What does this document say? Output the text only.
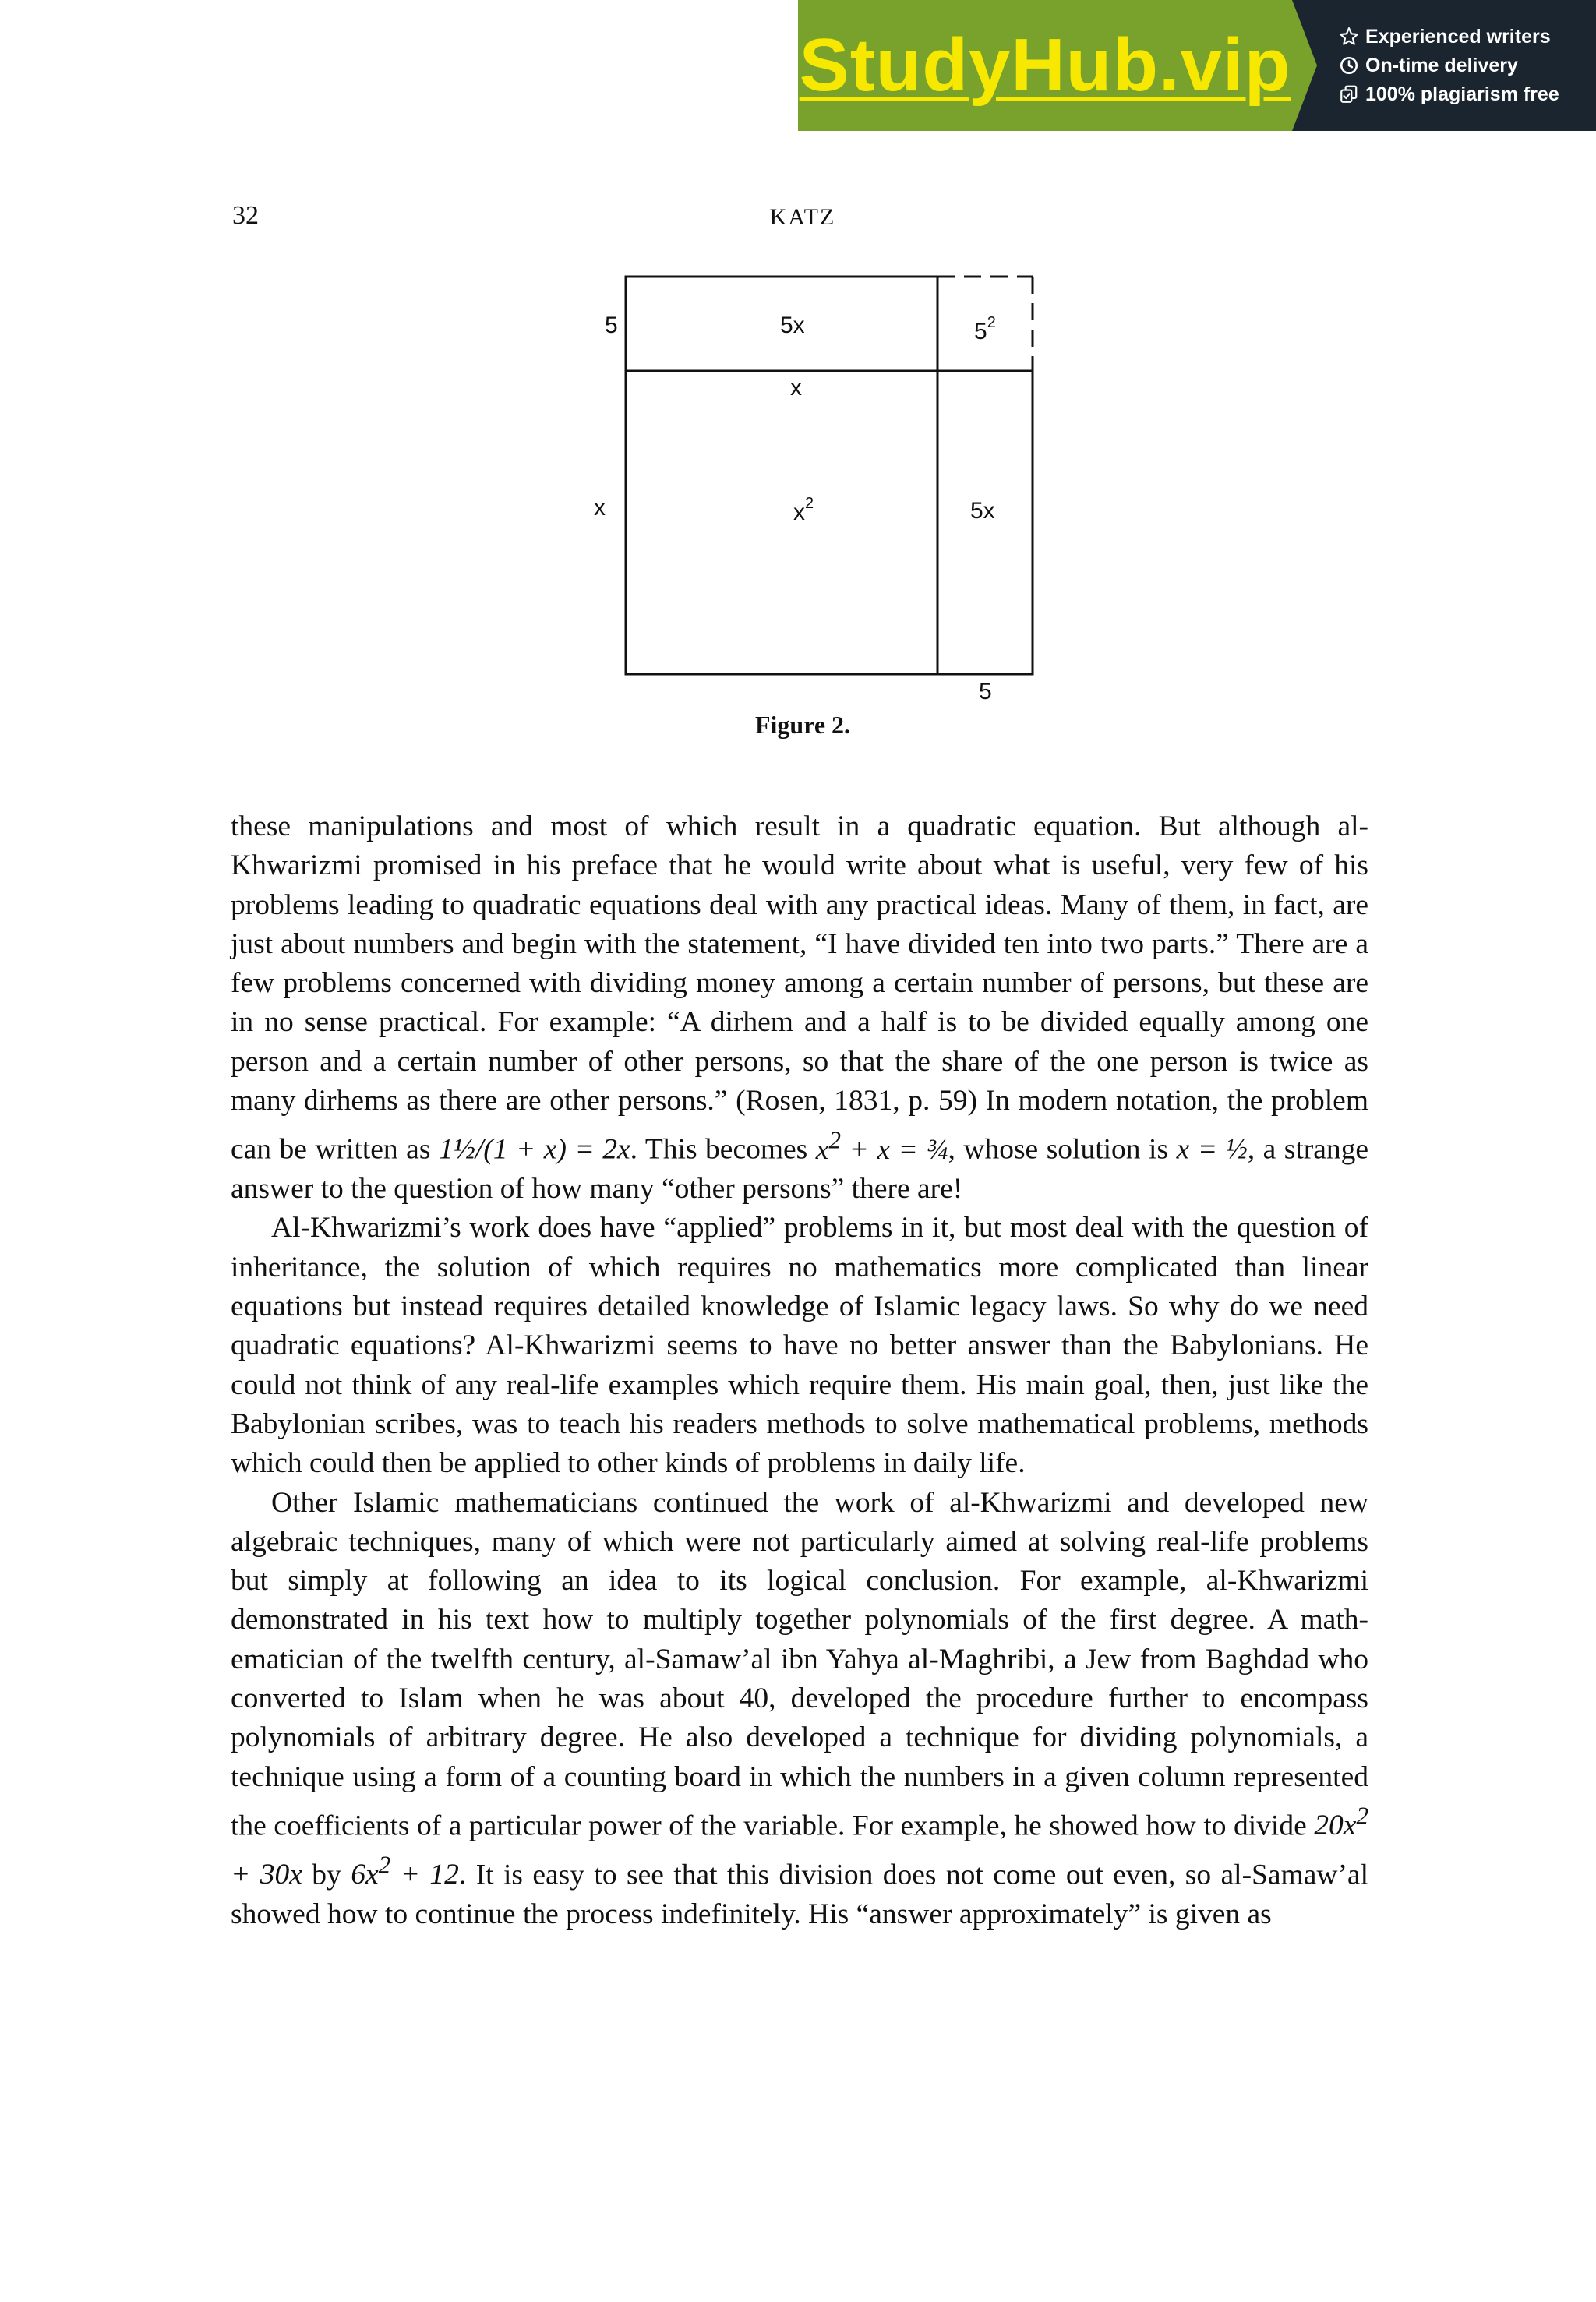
StudyHub.vip	Experienced writers
On-time delivery
100% plagiarism free
32	KATZ
5	5x	$5^2$
x
x	$x^2$	5x
5
Figure 2.

these manipulations and most of which result in a quadratic equation. But although al-Khwarizmi promised in his preface that he would write about what is useful, very few of his problems leading to quadratic equations deal with any practical ideas. Many of them, in fact, are just about numbers and begin with the statement, “I have divided ten into two parts.” There are a few problems concerned with dividing money among a certain number of persons, but these are in no sense practical. For example: “A dirhem and a half is to be divided equally among one person and a certain number of other persons, so that the share of the one person is twice as many dirhems as there are other persons.” (Rosen, 1831, p. 59) In modern notation, the problem can be written as 1½/(1 + x) = 2x. This becomes $x^2 + x$ = ¾, whose solution is x = ½, a strange answer to the question of how many “other persons” there are!

Al-Khwarizmi’s work does have “applied” problems in it, but most deal with the question of inheritance, the solution of which requires no mathematics more complicated than linear equations but instead requires detailed knowledge of Islamic legacy laws. So why do we need quadratic equations? Al-Khwarizmi seems to have no better answer than the Babylonians. He could not think of any real-life examples which require them. His main goal, then, just like the Babylonian scribes, was to teach his readers methods to solve mathematical problems, methods which could then be applied to other kinds of problems in daily life.

Other Islamic mathematicians continued the work of al-Khwarizmi and developed new algebraic techniques, many of which were not particularly aimed at solving real-life problems but simply at following an idea to its logical conclusion. For example, al-Khwarizmi demonstrated in his text how to multiply together polynomials of the first degree. A mathematician of the twelfth century, al-Samaw’al ibn Yahya al-Maghribi, a Jew from Baghdad who converted to Islam when he was about 40, developed the procedure further to encompass polynomials of arbitrary degree. He also developed a technique for dividing polynomials, a technique using a form of a counting board in which the numbers in a given column represented the coefficients of a particular power of the variable. For example, he showed how to divide $20x^2 + 30x$ by $6x^2 + 12$. It is easy to see that this division does not come out even, so al-Samaw’al showed how to continue the process indefinitely. His “answer approximately” is given as
